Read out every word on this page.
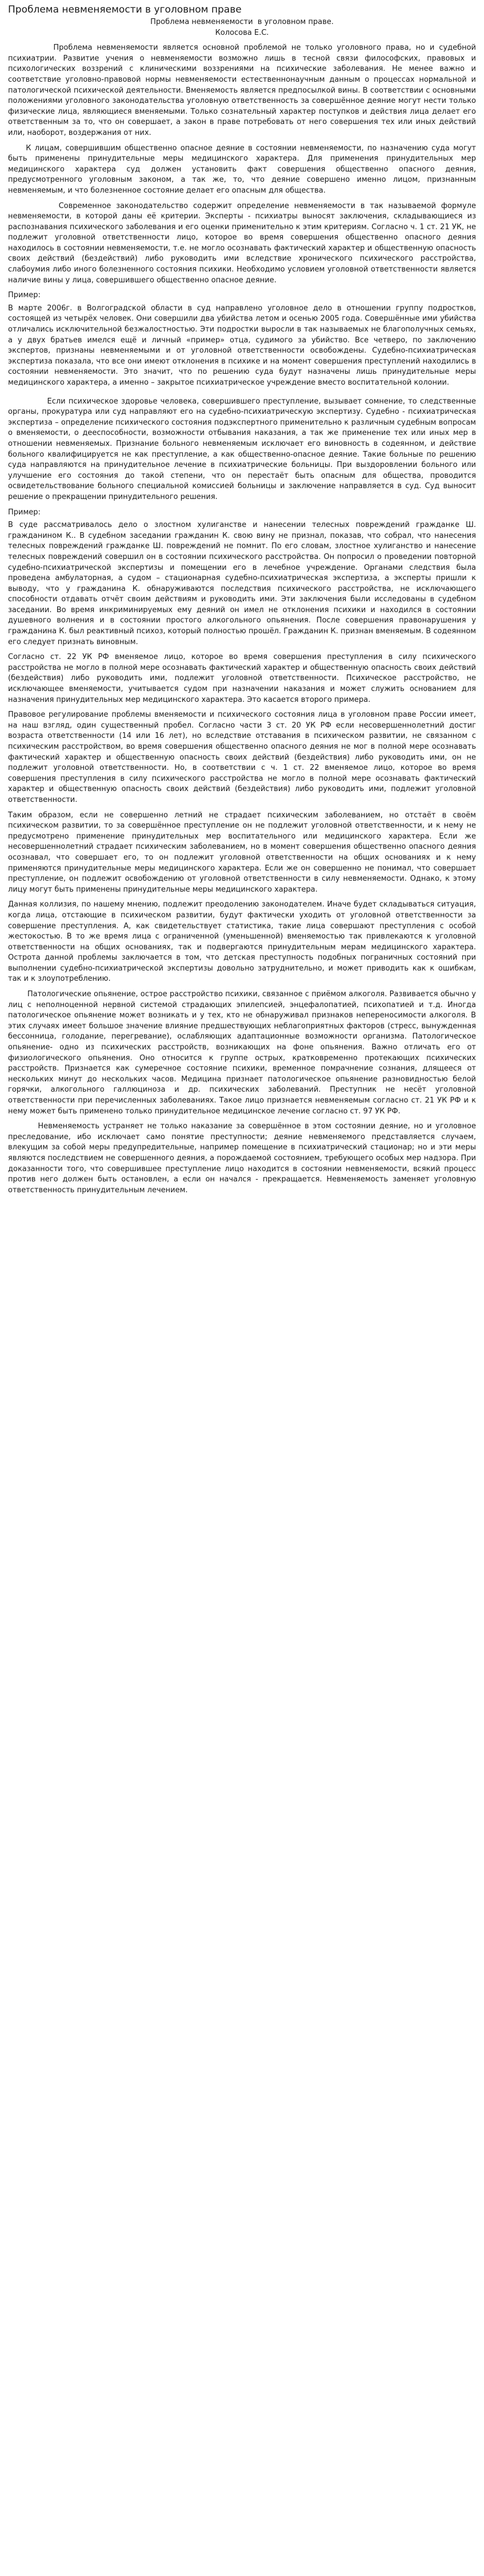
Проблема невменяемости в уголовном праве

Проблема невменяемости  в уголовном праве.

Колосова Е.С.

Проблема невменяемости является основной проблемой не только уголовного права, но и судебной психиатрии. Развитие учения о невменяемости возможно лишь в тесной связи философских, правовых и психологических воззрений с клиническими воззрениями на психические заболевания. Не менее важно и соответствие уголовно-правовой нормы невменяемости естественнонаучным данным о процессах нормальной и патологической психической деятельности. Вменяемость является предпосылкой вины. В соответствии с основными положениями уголовного законодательства уголовную ответственность за совершённое деяние могут нести только физические лица, являющиеся вменяемыми. Только сознательный характер поступков и действия лица делает его ответственным за то, что он совершает, а закон в праве потребовать от него совершения тех или иных действий или, наоборот, воздержания от них.

К лицам, совершившим общественно опасное деяние в состоянии невменяемости, по назначению суда могут быть применены принудительные меры медицинского характера. Для применения принудительных мер медицинского характера суд должен установить факт совершения общественно опасного деяния, предусмотренного уголовным законом, а так же, то, что деяние совершено именно лицом, признанным невменяемым, и что болезненное состояние делает его опасным для общества.

Современное законодательство содержит определение невменяемости в так называемой формуле невменяемости, в которой даны её критерии. Эксперты - психиатры выносят заключения, складывающиеся из распознавания психического заболевания и его оценки применительно к этим критериям. Согласно ч. 1 ст. 21 УК, не подлежит уголовной ответственности лицо, которое во время совершения общественно опасного деяния находилось в состоянии невменяемости, т.е. не могло осознавать фактический характер и общественную опасность своих действий (бездействий) либо руководить ими вследствие хронического психического расстройства, слабоумия либо иного болезненного состояния психики. Необходимо условием уголовной ответственности является наличие вины у лица, совершившего общественно опасное деяние.

Пример:

В марте 2006г. в Волгоградской области в суд направлено уголовное дело в отношении группу подростков, состоящей из четырёх человек. Они совершили два убийства летом и осенью 2005 года. Совершённые ими убийства отличались исключительной безжалостностью. Эти подростки выросли в так называемых не благополучных семьях, а у двух братьев имелся ещё и личный «пример» отца, судимого за убийство. Все четверо, по заключению экспертов, признаны невменяемыми и от уголовной ответственности освобождены. Судебно-психиатрическая экспертиза показала, что все они имеют отклонения в психике и на момент совершения преступлений находились в состоянии невменяемости. Это значит, что по решению суда будут назначены лишь принудительные меры медицинского характера, а именно – закрытое психиатрическое учреждение вместо воспитательной колонии.

Если психическое здоровье человека, совершившего преступление, вызывает сомнение, то следственные органы, прокуратура или суд направляют его на судебно-психиатрическую экспертизу. Судебно - психиатрическая экспертиза – определение психического состояния подэкспертного применительно к различным судебным вопросам о вменяемости, о дееспособности, возможности отбывания наказания, а так же применение тех или иных мер в отношении невменяемых. Признание больного невменяемым исключает его виновность в содеянном, и действие больного квалифицируется не как преступление, а как общественно-опасное деяние. Такие больные по решению суда направляются на принудительное лечение в психиатрические больницы. При выздоровлении больного или улучшение его состояния до такой степени, что он перестаёт быть опасным для общества, проводится освидетельствование больного специальной комиссией больницы и заключение направляется в суд. Суд выносит решение о прекращении принудительного решения.

Пример:

В суде рассматривалось дело о злостном хулиганстве и нанесении телесных повреждений гражданке Ш. гражданином К.. В судебном заседании гражданин К. свою вину не признал, показав, что собрал, что нанесения телесных повреждений гражданке Ш. повреждений не помнит. По его словам, злостное хулиганство и нанесение телесных повреждений совершил он в состоянии психического расстройства. Он попросил о проведении повторной судебно-психиатрической экспертизы и помещении его в лечебное учреждение. Органами следствия была проведена амбулаторная, а судом – стационарная судебно-психиатрическая экспертиза, а эксперты пришли к выводу, что у гражданина К. обнаруживаются последствия психического расстройства, не исключающего способности отдавать отчёт своим действиям и руководить ими. Эти заключения были исследованы в судебном заседании. Во время инкриминируемых ему деяний он имел не отклонения психики и находился в состоянии душевного волнения и в состоянии простого алкогольного опьянения. После совершения правонарушения у гражданина К. был реактивный психоз, который полностью прошёл. Гражданин К. признан вменяемым. В содеянном его следует признать виновным.

Согласно ст. 22 УК РФ вменяемое лицо, которое во время совершения преступления в силу психического расстройства не могло в полной мере осознавать фактический характер и общественную опасность своих действий (бездействия) либо руководить ими, подлежит уголовной ответственности. Психическое расстройство, не исключающее вменяемости, учитывается судом при назначении наказания и может служить основанием для назначения принудительных мер медицинского характера. Это касается второго примера.

Правовое регулирование проблемы вменяемости и психического состояния лица в уголовном праве России имеет, на наш взгляд, один существенный пробел. Согласно части 3 ст. 20 УК РФ если несовершеннолетний достиг возраста ответственности (14 или 16 лет), но вследствие отставания в психическом развитии, не связанном с психическим расстройством, во время совершения общественно опасного деяния не мог в полной мере осознавать фактический характер и общественную опасность своих действий (бездействия) либо руководить ими, он не подлежит уголовной ответственности. Но, в соответствии с ч. 1 ст. 22 вменяемое лицо, которое во время совершения преступления в силу психического расстройства не могло в полной мере осознавать фактический характер и общественную опасность своих действий (бездействия) либо руководить ими, подлежит уголовной ответственности.

Таким образом, если не совершенно летний не страдает психическим заболеванием, но отстаёт в своём психическом развитии, то за совершённое преступление он не подлежит уголовной ответственности, и к нему не предусмотрено применение принудительных мер воспитательного или медицинского характера. Если же несовершеннолетний страдает психическим заболеванием, но в момент совершения общественно опасного деяния осознавал, что совершает его, то он подлежит уголовной ответственности на общих основаниях и к нему применяются принудительные меры медицинского характера. Если же он совершенно не понимал, что совершает преступление, он подлежит освобождению от уголовной ответственности в силу невменяемости. Однако, к этому лицу могут быть применены принудительные меры медицинского характера.

Данная коллизия, по нашему мнению, подлежит преодолению законодателем. Иначе будет складываться ситуация, когда лица, отстающие в психическом развитии, будут фактически уходить от уголовной ответственности за совершение преступления. А, как свидетельствует статистика, такие лица совершают преступления с особой жестокостью. В то же время лица с ограниченной (уменьшенной) вменяемостью так привлекаются к уголовной ответственности на общих основаниях, так и подвергаются принудительным мерам медицинского характера. Острота данной проблемы заключается в том, что детская преступность подобных пограничных состояний при выполнении судебно-психиатрической экспертизы довольно затруднительно, и может приводить как к ошибкам, так и к злоупотреблению.

Патологические опьянение, острое расстройство психики, связанное с приёмом алкоголя. Развивается обычно у лиц с неполноценной нервной системой страдающих эпилепсией, энцефалопатией, психопатией и т.д. Иногда патологическое опьянение может возникать и у тех, кто не обнаруживал признаков непереносимости алкоголя. В этих случаях имеет большое значение влияние предшествующих неблагоприятных факторов (стресс, вынужденная бессонница, голодание, перегревание), ослабляющих адаптационные возможности организма. Патологическое опьянение- одно из психических расстройств, возникающих на фоне опьянения. Важно отличать его от физиологического опьянения. Оно относится к группе острых, кратковременно протекающих психических расстройств. Признается как сумеречное состояние психики, временное помрачнение сознания, длящееся от нескольких минут до нескольких часов. Медицина признает патологическое опьянение разновидностью белой горячки, алкогольного галлюциноза и др. психических заболеваний. Преступник не несёт уголовной ответственности при перечисленных заболеваниях. Такое лицо признается невменяемым согласно ст. 21 УК РФ и к нему может быть применено только принудительное медицинское лечение согласно ст. 97 УК РФ.

Невменяемость устраняет не только наказание за совершённое в этом состоянии деяние, но и уголовное преследование, ибо исключает само понятие преступности; деяние невменяемого представляется случаем, влекущим за собой меры предупредительные, например помещение в психиатрический стационар; но и эти меры являются последствием не совершенного деяния, а порождаемой состоянием, требующего особых мер надзора. При доказанности того, что совершившее преступление лицо находится в состоянии невменяемости, всякий процесс против него должен быть остановлен, а если он начался - прекращается. Невменяемость заменяет уголовную ответственность принудительным лечением.
